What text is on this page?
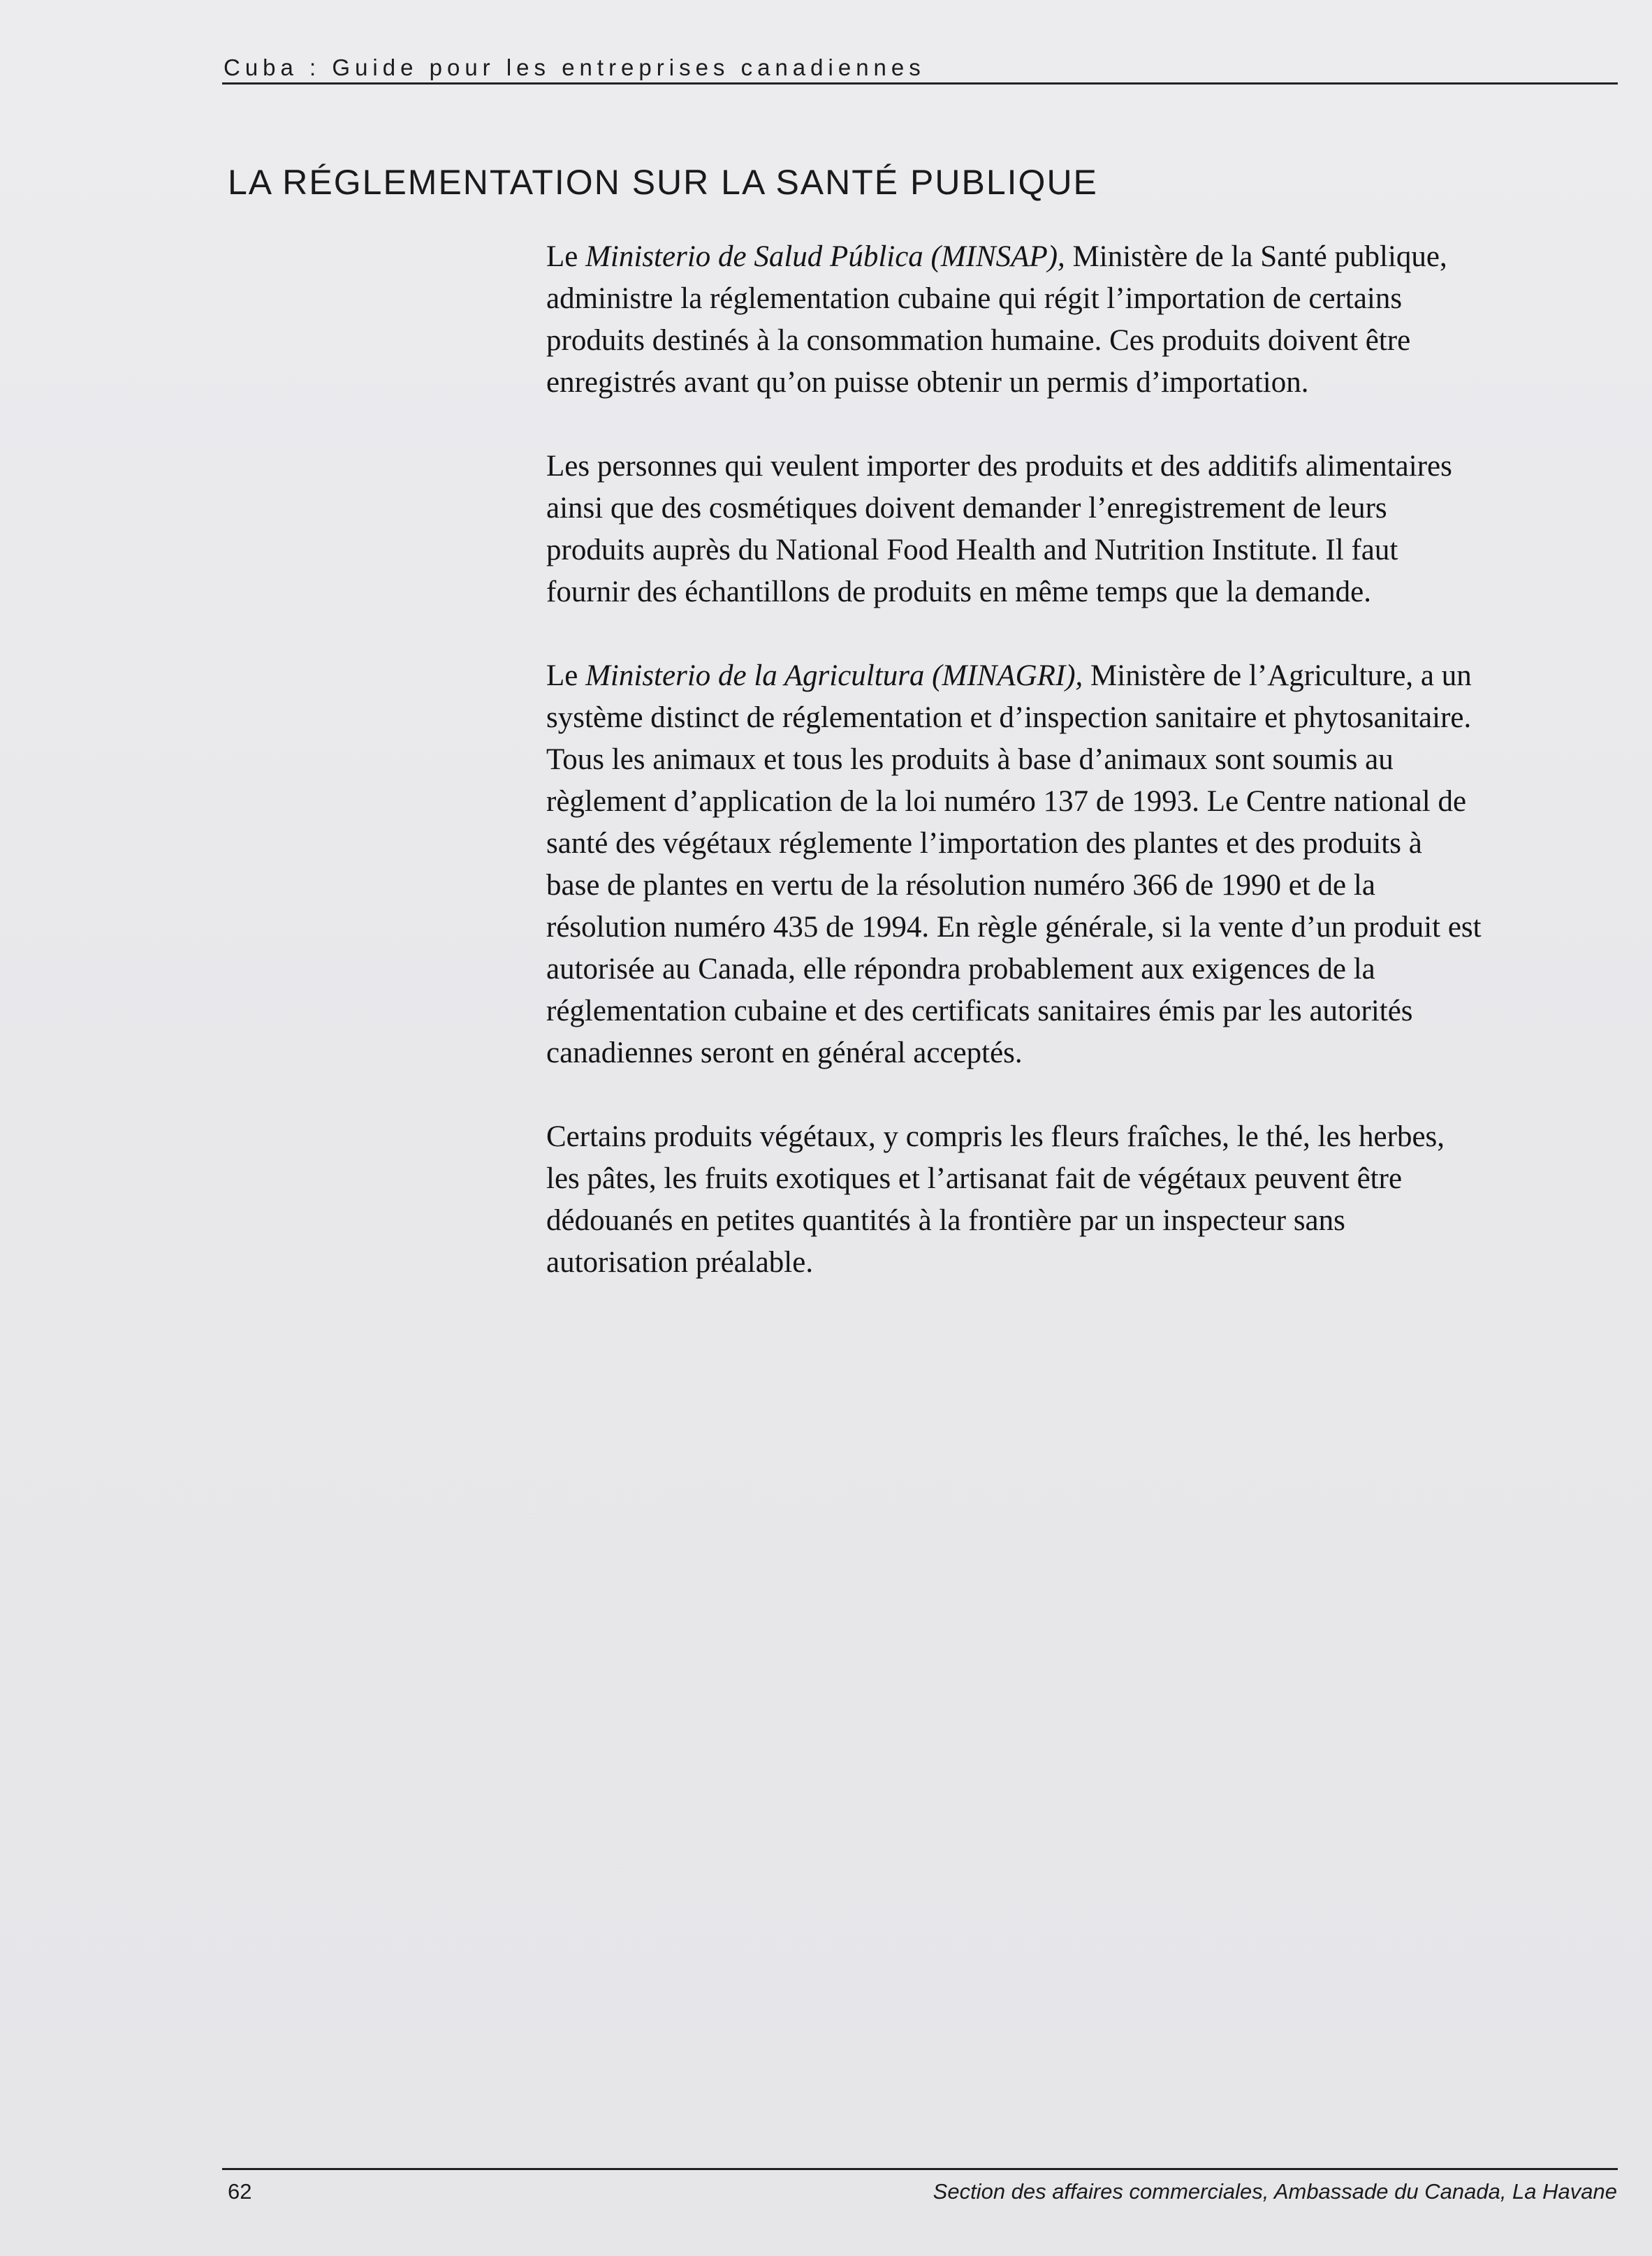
Cuba : Guide pour les entreprises canadiennes
LA RÉGLEMENTATION SUR LA SANTÉ PUBLIQUE

Le Ministerio de Salud Pública (MINSAP), Ministère de la Santé publique, administre la réglementation cubaine qui régit l’importation de certains produits destinés à la consommation humaine. Ces produits doivent être enregistrés avant qu’on puisse obtenir un permis d’importation.

Les personnes qui veulent importer des produits et des additifs alimentaires ainsi que des cosmétiques doivent demander l’enregistrement de leurs produits auprès du National Food Health and Nutrition Institute. Il faut fournir des échantillons de produits en même temps que la demande.

Le Ministerio de la Agricultura (MINAGRI), Ministère de l’Agriculture, a un système distinct de réglementation et d’inspection sanitaire et phytosanitaire. Tous les animaux et tous les produits à base d’animaux sont soumis au règlement d’application de la loi numéro 137 de 1993. Le Centre national de santé des végétaux réglemente l’importation des plantes et des produits à base de plantes en vertu de la résolution numéro 366 de 1990 et de la résolution numéro 435 de 1994. En règle générale, si la vente d’un produit est autorisée au Canada, elle répondra probablement aux exigences de la réglementation cubaine et des certificats sanitaires émis par les autorités canadiennes seront en général acceptés.

Certains produits végétaux, y compris les fleurs fraîches, le thé, les herbes, les pâtes, les fruits exotiques et l’artisanat fait de végétaux peuvent être dédouanés en petites quantités à la frontière par un inspecteur sans autorisation préalable.

62	Section des affaires commerciales, Ambassade du Canada, La Havane
